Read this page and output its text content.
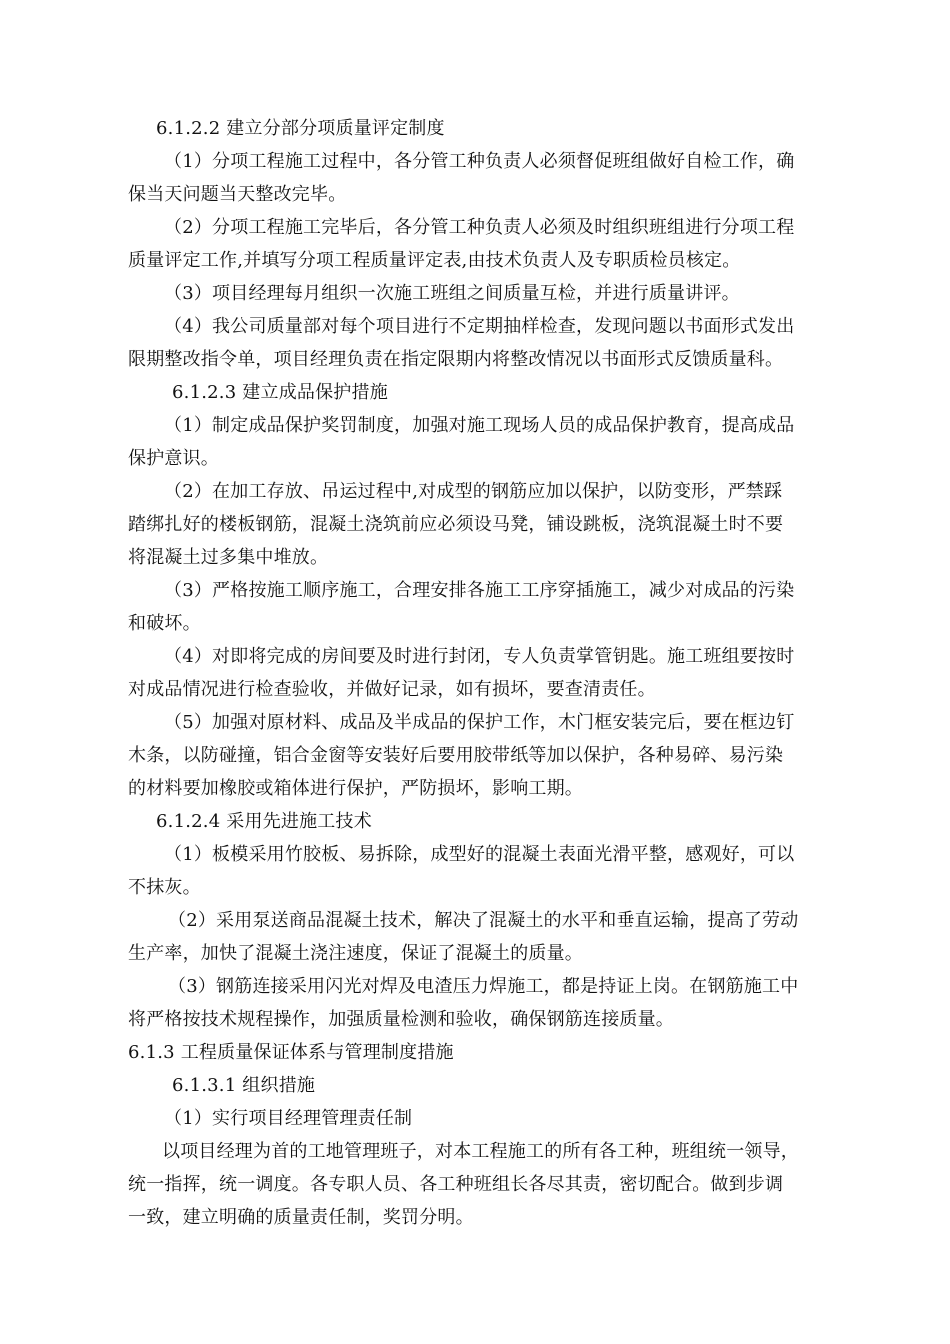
6.1.2.2 建立分部分项质量评定制度
（1）分项工程施工过程中，各分管工种负责人必须督促班组做好自检工作，确
保当天问题当天整改完毕。
（2）分项工程施工完毕后，各分管工种负责人必须及时组织班组进行分项工程
质量评定工作,并填写分项工程质量评定表,由技术负责人及专职质检员核定。
（3）项目经理每月组织一次施工班组之间质量互检，并进行质量讲评。
（4）我公司质量部对每个项目进行不定期抽样检查，发现问题以书面形式发出
限期整改指令单，项目经理负责在指定限期内将整改情况以书面形式反馈质量科。
6.1.2.3 建立成品保护措施
（1）制定成品保护奖罚制度，加强对施工现场人员的成品保护教育，提高成品
保护意识。
（2）在加工存放、吊运过程中,对成型的钢筋应加以保护，以防变形，严禁踩
踏绑扎好的楼板钢筋，混凝土浇筑前应必须设马凳，铺设跳板，浇筑混凝土时不要
将混凝土过多集中堆放。
（3）严格按施工顺序施工，合理安排各施工工序穿插施工，减少对成品的污染
和破坏。
（4）对即将完成的房间要及时进行封闭，专人负责掌管钥匙。施工班组要按时
对成品情况进行检查验收，并做好记录，如有损坏，要查清责任。
（5）加强对原材料、成品及半成品的保护工作，木门框安装完后，要在框边钉
木条，以防碰撞，铝合金窗等安装好后要用胶带纸等加以保护，各种易碎、易污染
的材料要加橡胶或箱体进行保护，严防损坏，影响工期。
6.1.2.4 采用先进施工技术
（1）板模采用竹胶板、易拆除，成型好的混凝土表面光滑平整，感观好，可以
不抹灰。
（2）采用泵送商品混凝土技术，解决了混凝土的水平和垂直运输，提高了劳动
生产率，加快了混凝土浇注速度，保证了混凝土的质量。
（3）钢筋连接采用闪光对焊及电渣压力焊施工，都是持证上岗。在钢筋施工中
将严格按技术规程操作，加强质量检测和验收，确保钢筋连接质量。
6.1.3 工程质量保证体系与管理制度措施
6.1.3.1 组织措施
（1）实行项目经理管理责任制
以项目经理为首的工地管理班子，对本工程施工的所有各工种，班组统一领导，
统一指挥，统一调度。各专职人员、各工种班组长各尽其责，密切配合。做到步调
一致，建立明确的质量责任制，奖罚分明。
